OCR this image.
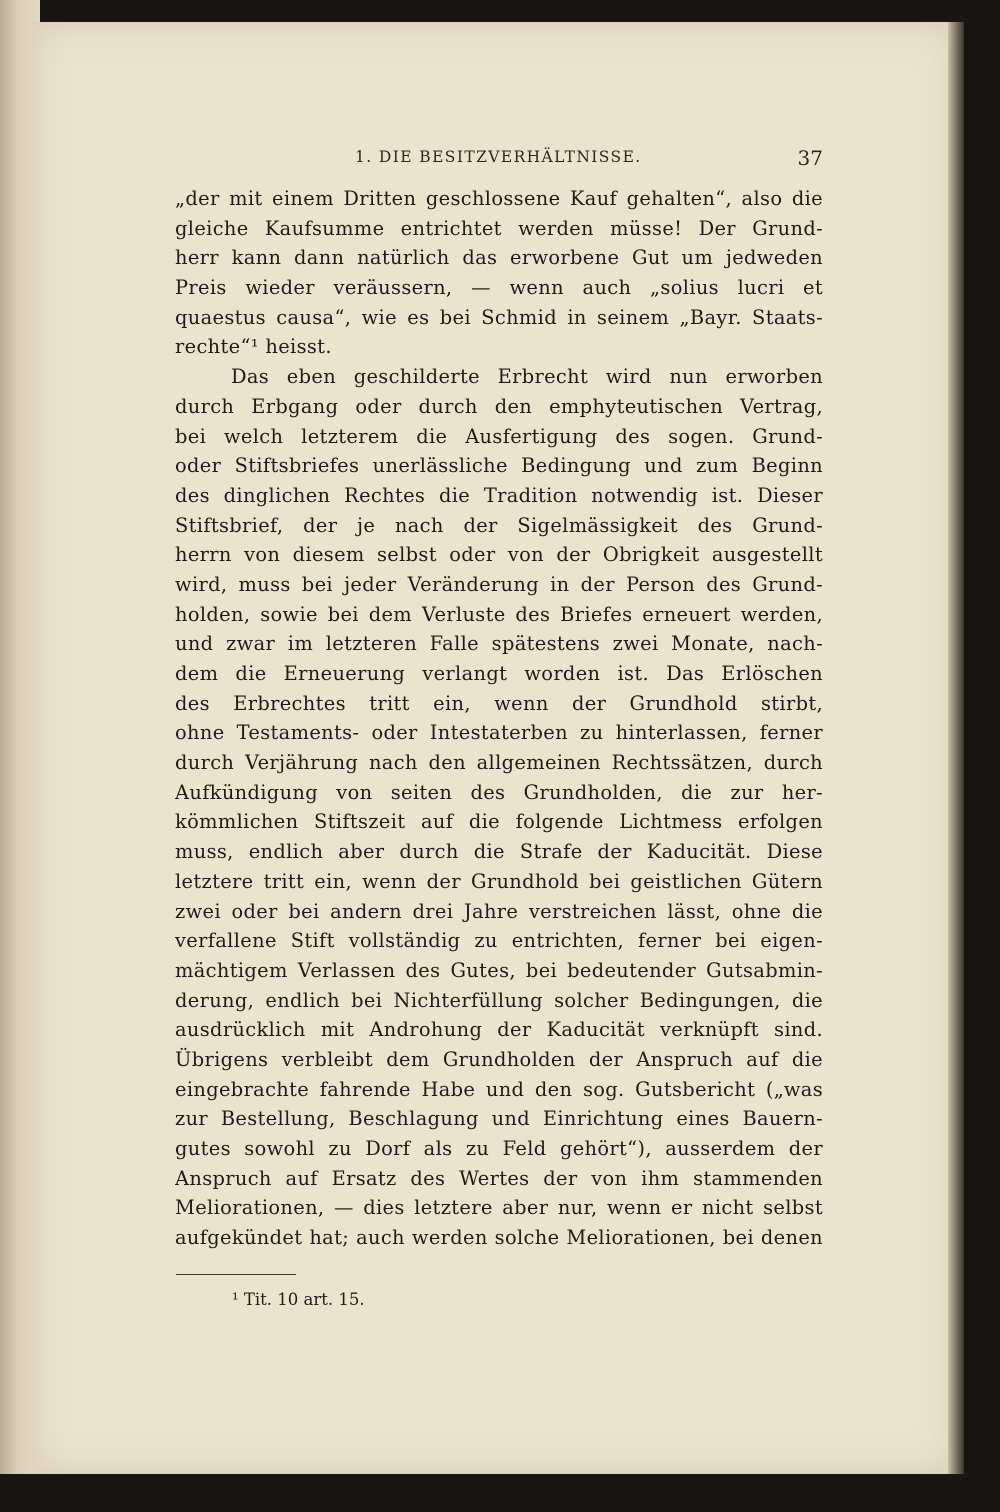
1. DIE BESITZVERHÄLTNISSE.	37
„der mit einem Dritten geschlossene Kauf gehalten“, also die
gleiche Kaufsumme entrichtet werden müsse! Der Grund-
herr kann dann natürlich das erworbene Gut um jedweden
Preis wieder veräussern, — wenn auch „solius lucri et
quaestus causa“, wie es bei Schmid in seinem „Bayr. Staats-
rechte“¹ heisst.
Das eben geschilderte Erbrecht wird nun erworben
durch Erbgang oder durch den emphyteutischen Vertrag,
bei welch letzterem die Ausfertigung des sogen. Grund-
oder Stiftsbriefes unerlässliche Bedingung und zum Beginn
des dinglichen Rechtes die Tradition notwendig ist. Dieser
Stiftsbrief, der je nach der Sigelmässigkeit des Grund-
herrn von diesem selbst oder von der Obrigkeit ausgestellt
wird, muss bei jeder Veränderung in der Person des Grund-
holden, sowie bei dem Verluste des Briefes erneuert werden,
und zwar im letzteren Falle spätestens zwei Monate, nach-
dem die Erneuerung verlangt worden ist. Das Erlöschen
des Erbrechtes tritt ein, wenn der Grundhold stirbt,
ohne Testaments- oder Intestaterben zu hinterlassen, ferner
durch Verjährung nach den allgemeinen Rechtssätzen, durch
Aufkündigung von seiten des Grundholden, die zur her-
kömmlichen Stiftszeit auf die folgende Lichtmess erfolgen
muss, endlich aber durch die Strafe der Kaducität. Diese
letztere tritt ein, wenn der Grundhold bei geistlichen Gütern
zwei oder bei andern drei Jahre verstreichen lässt, ohne die
verfallene Stift vollständig zu entrichten, ferner bei eigen-
mächtigem Verlassen des Gutes, bei bedeutender Gutsabmin-
derung, endlich bei Nichterfüllung solcher Bedingungen, die
ausdrücklich mit Androhung der Kaducität verknüpft sind.
Übrigens verbleibt dem Grundholden der Anspruch auf die
eingebrachte fahrende Habe und den sog. Gutsbericht („was
zur Bestellung, Beschlagung und Einrichtung eines Bauern-
gutes sowohl zu Dorf als zu Feld gehört“), ausserdem der
Anspruch auf Ersatz des Wertes der von ihm stammenden
Meliorationen, — dies letztere aber nur, wenn er nicht selbst
aufgekündet hat; auch werden solche Meliorationen, bei denen
¹ Tit. 10 art. 15.
